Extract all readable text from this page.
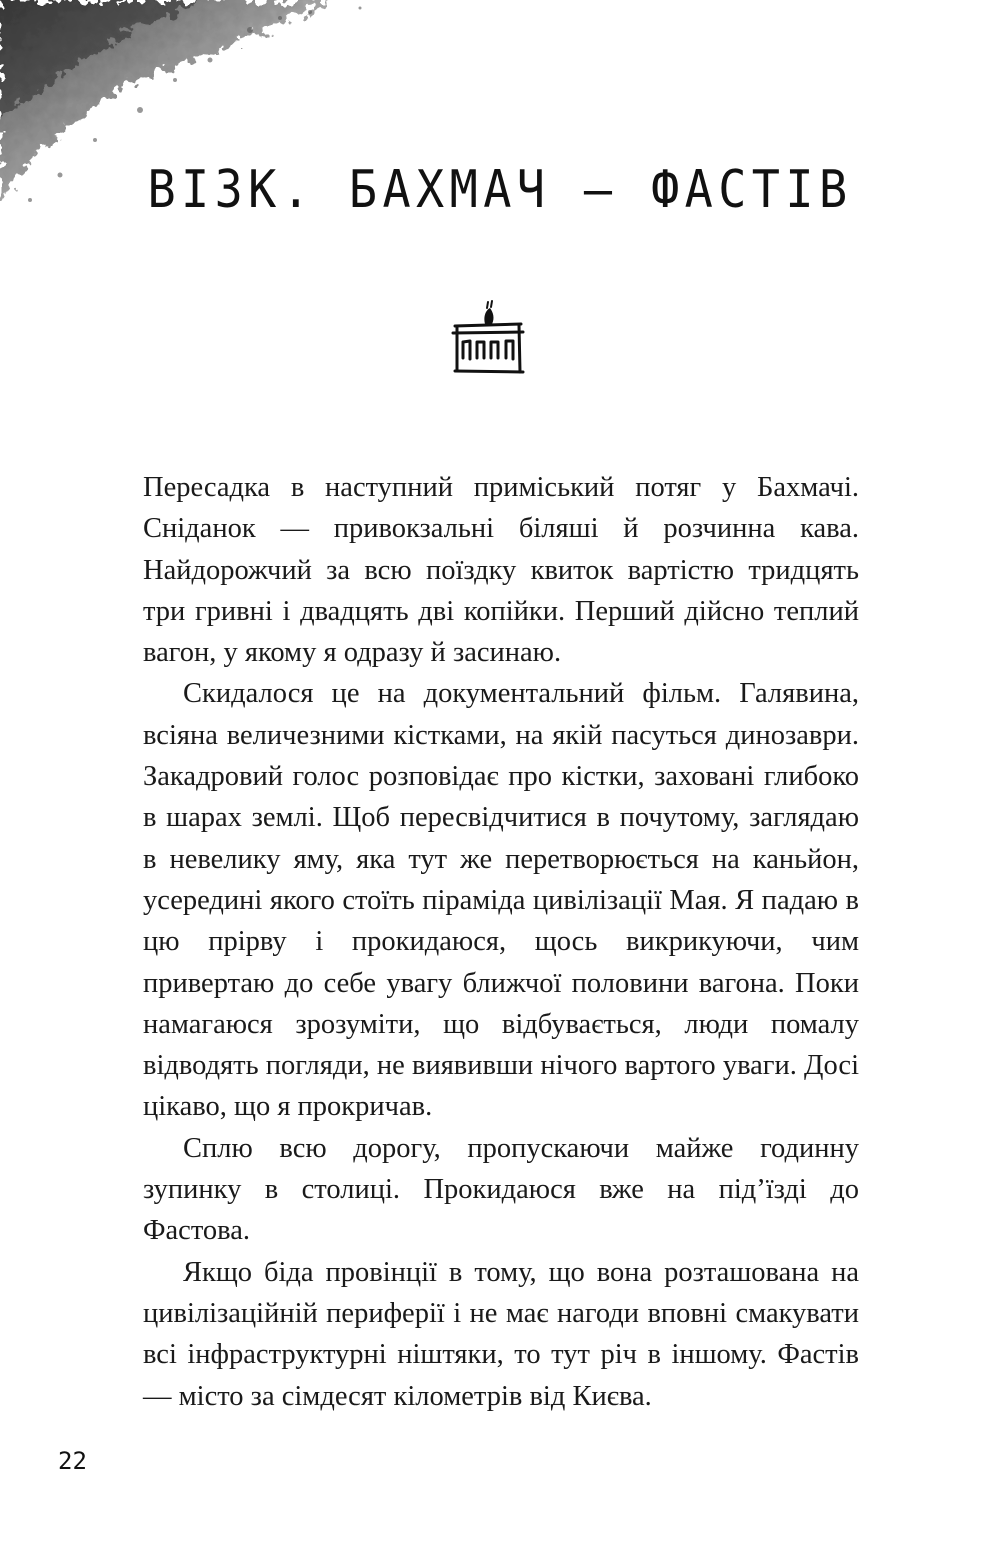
ВІЗК. БАХМАЧ — ФАСТІВ

Пересадка в наступний приміський потяг у Бахмачі. Сніданок — привокзальні біляші й розчинна кава. Найдорожчий за всю поїздку квиток вартістю тридцять три гривні і двадцять дві копійки. Перший дійсно теплий вагон, у якому я одразу й засинаю.

Скидалося це на документальний фільм. Галявина, всіяна величезними кістками, на якій пасуться динозаври. Закадровий голос розповідає про кістки, заховані глибоко в шарах землі. Щоб пересвідчитися в почутому, заглядаю в невелику яму, яка тут же перетворюється на каньйон, усередині якого стоїть піраміда цивілізації Мая. Я падаю в цю прірву і прокидаюся, щось викрикуючи, чим привертаю до себе увагу ближчої половини вагона. Поки намагаюся зрозуміти, що відбувається, люди помалу відводять погляди, не виявивши нічого вартого уваги. Досі цікаво, що я прокричав.

Сплю всю дорогу, пропускаючи майже годинну зупинку в столиці. Прокидаюся вже на під’їзді до Фастова.

Якщо біда провінції в тому, що вона розташована на цивілізаційній периферії і не має нагоди вповні смакувати всі інфраструктурні ніштяки, то тут річ в іншому. Фастів — місто за сімдесят кілометрів від Києва.

22
